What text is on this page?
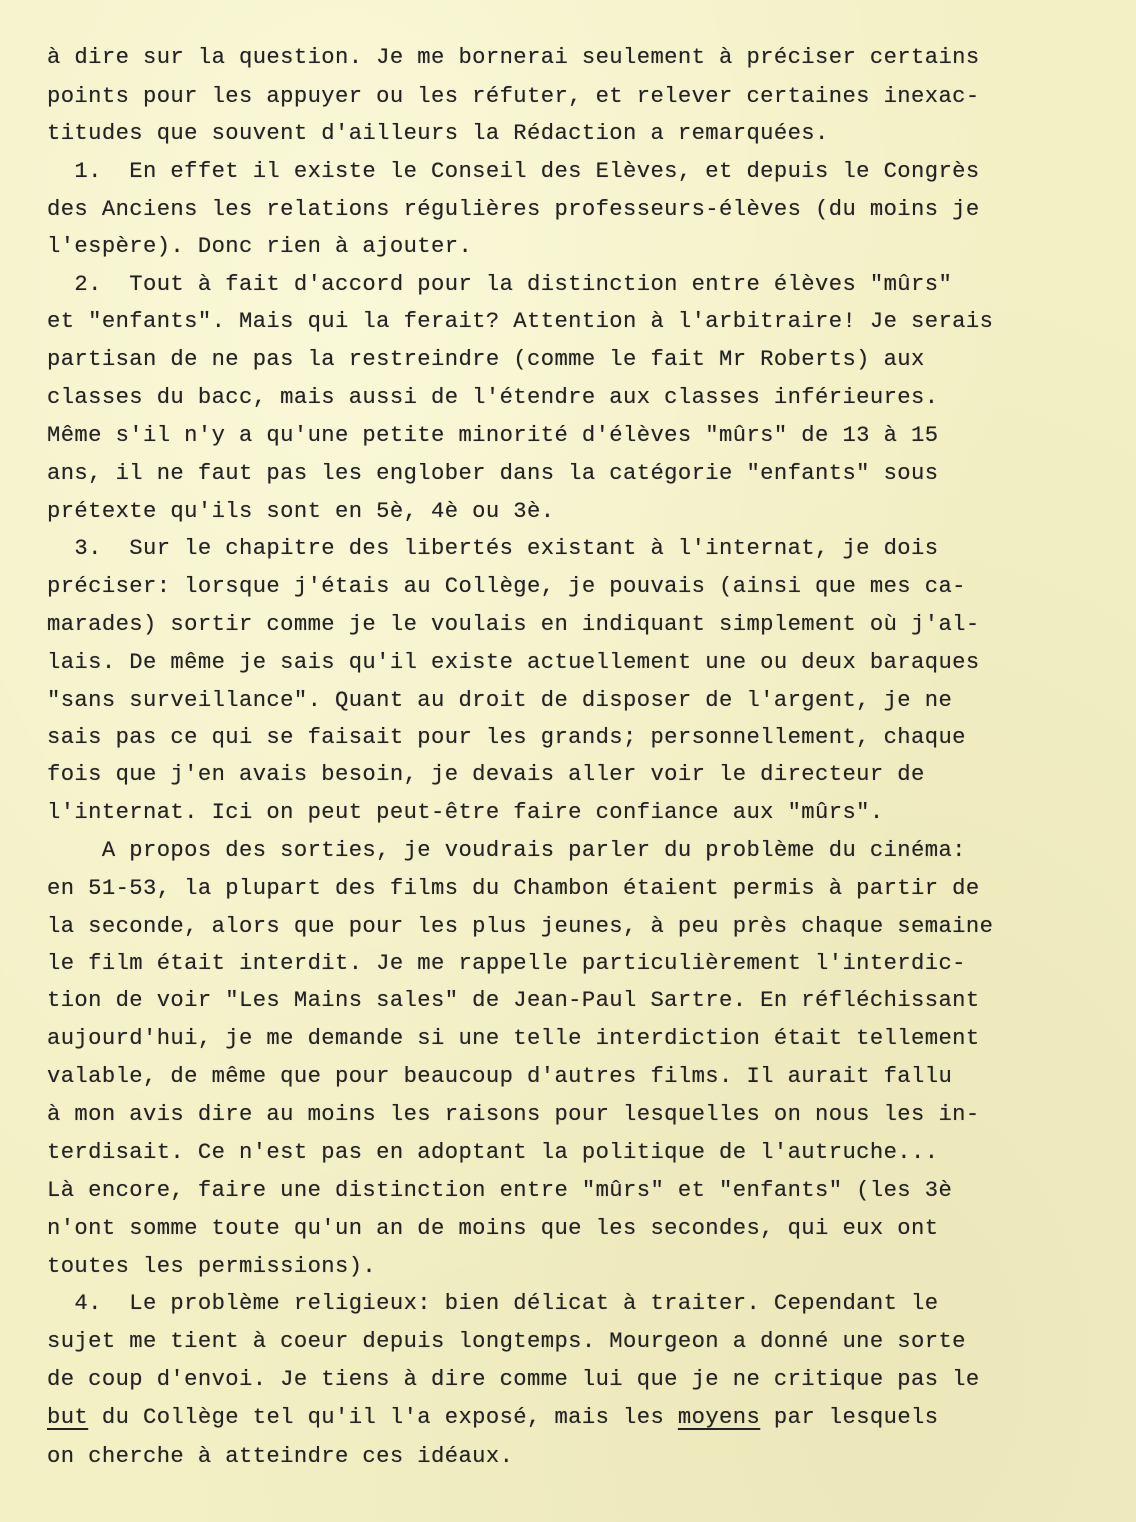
à dire sur la question. Je me bornerai seulement à préciser certains
points pour les appuyer ou les réfuter, et relever certaines inexac-
titudes que souvent d'ailleurs la Rédaction a remarquées.
1.  En effet il existe le Conseil des Elèves, et depuis le Congrès
des Anciens les relations régulières professeurs-élèves (du moins je
l'espère). Donc rien à ajouter.
2.  Tout à fait d'accord pour la distinction entre élèves "mûrs"
et "enfants". Mais qui la ferait? Attention à l'arbitraire! Je serais
partisan de ne pas la restreindre (comme le fait Mr Roberts) aux
classes du bacc, mais aussi de l'étendre aux classes inférieures.
Même s'il n'y a qu'une petite minorité d'élèves "mûrs" de 13 à 15
ans, il ne faut pas les englober dans la catégorie "enfants" sous
prétexte qu'ils sont en 5è, 4è ou 3è.
3.  Sur le chapitre des libertés existant à l'internat, je dois
préciser: lorsque j'étais au Collège, je pouvais (ainsi que mes ca-
marades) sortir comme je le voulais en indiquant simplement où j'al-
lais. De même je sais qu'il existe actuellement une ou deux baraques
"sans surveillance". Quant au droit de disposer de l'argent, je ne
sais pas ce qui se faisait pour les grands; personnellement, chaque
fois que j'en avais besoin, je devais aller voir le directeur de
l'internat. Ici on peut peut-être faire confiance aux "mûrs".
A propos des sorties, je voudrais parler du problème du cinéma:
en 51-53, la plupart des films du Chambon étaient permis à partir de
la seconde, alors que pour les plus jeunes, à peu près chaque semaine
le film était interdit. Je me rappelle particulièrement l'interdic-
tion de voir "Les Mains sales" de Jean-Paul Sartre. En réfléchissant
aujourd'hui, je me demande si une telle interdiction était tellement
valable, de même que pour beaucoup d'autres films. Il aurait fallu
à mon avis dire au moins les raisons pour lesquelles on nous les in-
terdisait. Ce n'est pas en adoptant la politique de l'autruche...
Là encore, faire une distinction entre "mûrs" et "enfants" (les 3è
n'ont somme toute qu'un an de moins que les secondes, qui eux ont
toutes les permissions).
4.  Le problème religieux: bien délicat à traiter. Cependant le
sujet me tient à coeur depuis longtemps. Mourgeon a donné une sorte
de coup d'envoi. Je tiens à dire comme lui que je ne critique pas le
but du Collège tel qu'il l'a exposé, mais les moyens par lesquels
on cherche à atteindre ces idéaux.
